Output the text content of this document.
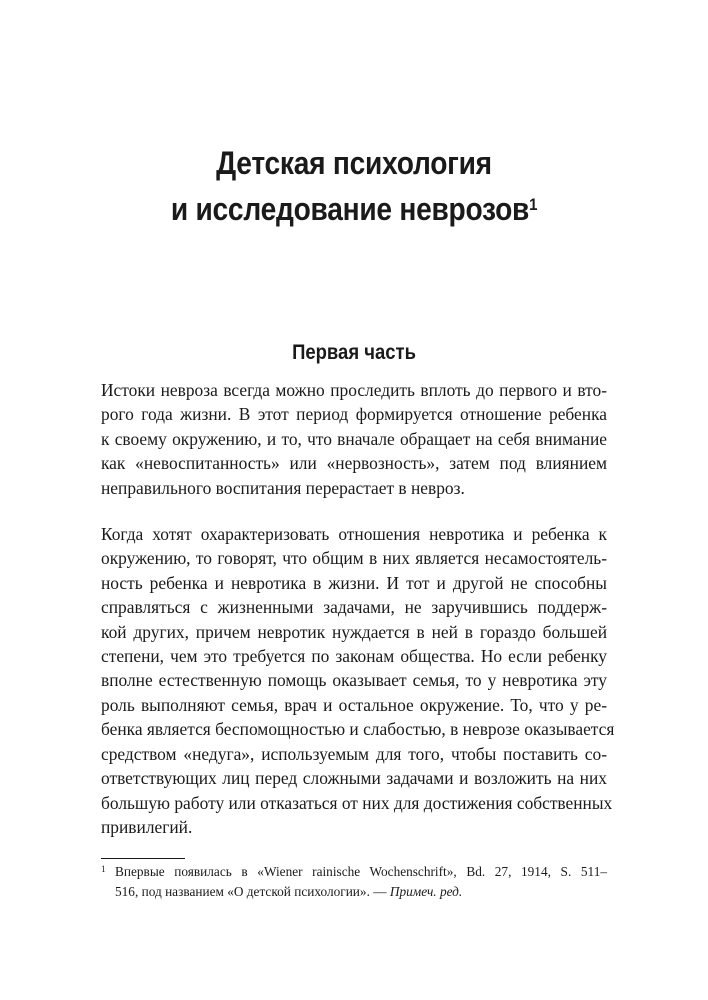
Детская психология
и исследование неврозов$^1$
Первая часть

Истоки невроза всегда можно проследить вплоть до первого и вто-
рого года жизни. В этот период формируется отношение ребенка
к своему окружению, и то, что вначале обращает на себя внимание
как «невоспитанность» или «нервозность», затем под влиянием
неправильного воспитания перерастает в невроз.

Когда хотят охарактеризовать отношения невротика и ребенка к
окружению, то говорят, что общим в них является несамостоятель-
ность ребенка и невротика в жизни. И тот и другой не способны
справляться с жизненными задачами, не заручившись поддерж-
кой других, причем невротик нуждается в ней в гораздо большей
степени, чем это требуется по законам общества. Но если ребенку
вполне естественную помощь оказывает семья, то у невротика эту
роль выполняют семья, врач и остальное окружение. То, что у ре-
бенка является беспомощностью и слабостью, в неврозе оказывается
средством «недуга», используемым для того, чтобы поставить со-
ответствующих лиц перед сложными задачами и возложить на них
большую работу или отказаться от них для достижения собственных
привилегий.

1 Впервые появилась в «Wiener rainische Wochenschrift», Bd. 27, 1914, S. 511–
516, под названием «О детской психологии». — Примеч. ред.
